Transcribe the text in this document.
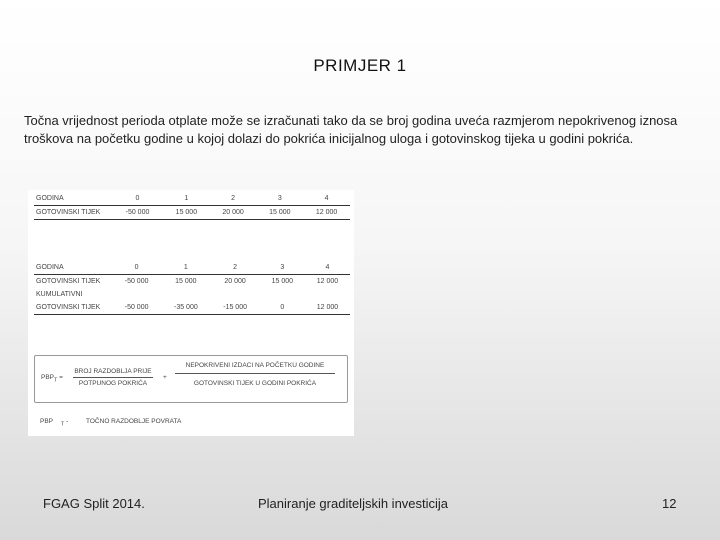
PRIMJER 1
Točna vrijednost perioda otplate može se izračunati tako da se broj godina uveća razmjerom nepokrivenog iznosa troškova na početku godine u kojoj dolazi do pokrića inicijalnog uloga i gotovinskog tijeka u godini pokrića.
GODINA	0	1	2	3	4
GOTOVINSKI TIJEK	-50 000	15 000	20 000	15 000	12 000
GODINA	0	1	2	3	4
GOTOVINSKI TIJEK	-50 000	15 000	20 000	15 000	12 000
KUMULATIVNI					
GOTOVINSKI TIJEK	-50 000	-35 000	-15 000	0	12 000
$PBP_T$ =
BROJ RAZDOBLJA PRIJE
POTPUNOG POKRIĆA
+
NEPOKRIVENI IZDACI NA POČETKU GODINE
GOTOVINSKI TIJEK U GODINI POKRIĆA
PBP $_T$ -	TOČNO RAZDOBLJE POVRATA
FGAG Split 2014.	Planiranje graditeljskih investicija	12
